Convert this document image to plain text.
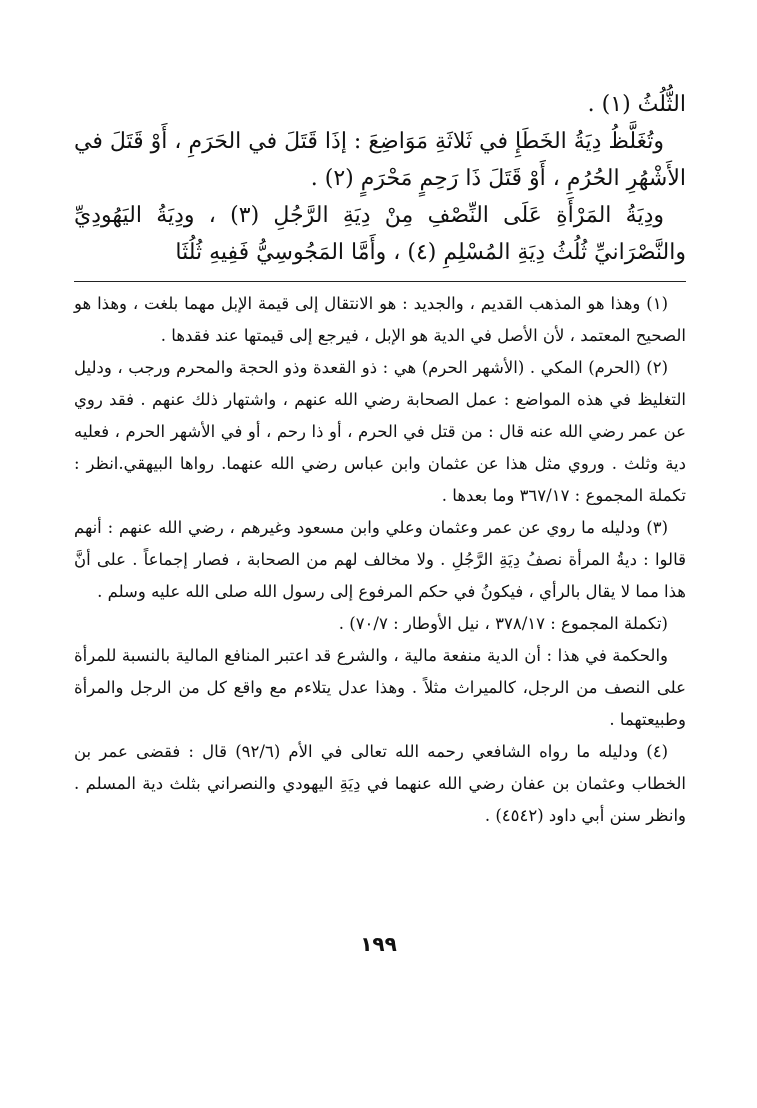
الثُّلُثُ (١) .

وتُغَلَّظُ دِيَةُ الخَطَإِ في ثَلاثَةِ مَوَاضِعَ : إذَا قَتَلَ في الحَرَمِ ، أَوْ قَتَلَ في الأَشْهُرِ الحُرُمِ ، أَوْ قَتَلَ ذَا رَحِمٍ مَحْرَمٍ (٢) .

ودِيَةُ المَرْأَةِ عَلَى النِّصْفِ مِنْ دِيَةِ الرَّجُلِ (٣) ، ودِيَةُ اليَهُودِيِّ والنَّصْرَانيِّ ثُلُثُ دِيَةِ المُسْلِمِ (٤) ، وأَمَّا المَجُوسِيُّ فَفِيهِ ثُلُثَا

(١) وهذا هو المذهب القديم ، والجديد : هو الانتقال إلى قيمة الإبل مهما بلغت ، وهذا هو الصحيح المعتمد ، لأن الأصل في الدية هو الإبل ، فيرجع إلى قيمتها عند فقدها .

(٢) (الحرم) المكي . (الأشهر الحرم) هي : ذو القعدة وذو الحجة والمحرم ورجب ، ودليل التغليظ في هذه المواضع : عمل الصحابة رضي الله عنهم ، واشتهار ذلك عنهم . فقد روي عن عمر رضي الله عنه قال : من قتل في الحرم ، أو ذا رحم ، أو في الأشهر الحرم ، فعليه دية وثلث . وروي مثل هذا عن عثمان وابن عباس رضي الله عنهما. رواها البيهقي.انظر : تكملة المجموع : ٣٦٧/١٧ وما بعدها .

(٣) ودليله ما روي عن عمر وعثمان وعلي وابن مسعود وغيرهم ، رضي الله عنهم : أنهم قالوا : ديةُ المرأة نصفُ دِيَةِ الرَّجُلِ . ولا مخالف لهم من الصحابة ، فصار إجماعاً . على أنَّ هذا مما لا يقال بالرأي ، فيكونُ في حكم المرفوع إلى رسول الله صلى الله عليه وسلم .

(تكملة المجموع : ٣٧٨/١٧ ، نيل الأوطار : ٧٠/٧) .

والحكمة في هذا : أن الدية منفعة مالية ، والشرع قد اعتبر المنافع المالية بالنسبة للمرأة على النصف من الرجل، كالميراث مثلاً . وهذا عدل يتلاءم مع واقع كل من الرجل والمرأة وطبيعتهما .

(٤) ودليله ما رواه الشافعي رحمه الله تعالى في الأم (٩٢/٦) قال : فقضى عمر بن الخطاب وعثمان بن عفان رضي الله عنهما في دِيَةِ اليهودي والنصراني بثلث دية المسلم . وانظر سنن أبي داود (٤٥٤٢) .

١٩٩
